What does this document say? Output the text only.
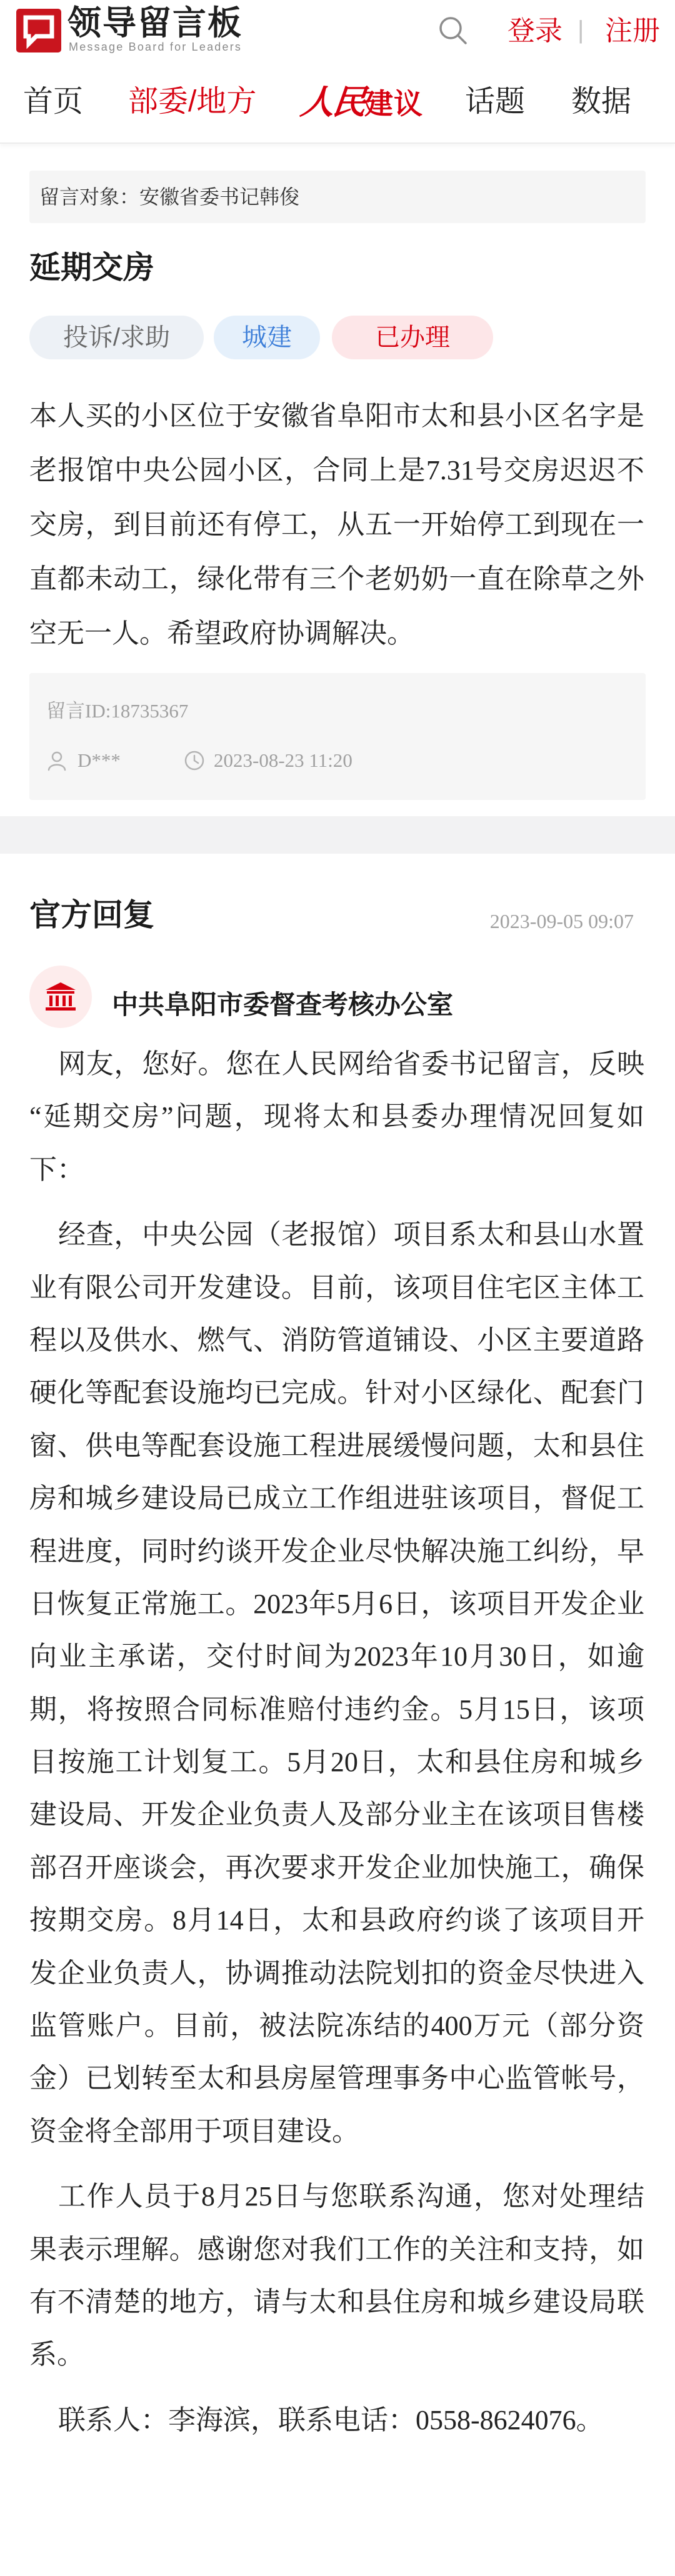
领导留言板
Message Board for Leaders
登录 | 注册
首页 部委/地方 人民建议 话题 数据
留言对象：安徽省委书记韩俊
延期交房
投诉/求助	城建	已办理
本人买的小区位于安徽省阜阳市太和县小区名字是
老报馆中央公园小区，合同上是7.31号交房迟迟不
交房，到目前还有停工，从五一开始停工到现在一
直都未动工，绿化带有三个老奶奶一直在除草之外
空无一人。希望政府协调解决。
留言ID:18735367
D***	2023-08-23 11:20
官方回复	2023-09-05 09:07
中共阜阳市委督查考核办公室
网友，您好。您在人民网给省委书记留言，反映
“延期交房”问题，现将太和县委办理情况回复如
下：
经查，中央公园（老报馆）项目系太和县山水置
业有限公司开发建设。目前，该项目住宅区主体工
程以及供水、燃气、消防管道铺设、小区主要道路
硬化等配套设施均已完成。针对小区绿化、配套门
窗、供电等配套设施工程进展缓慢问题，太和县住
房和城乡建设局已成立工作组进驻该项目，督促工
程进度，同时约谈开发企业尽快解决施工纠纷，早
日恢复正常施工。2023年5月6日，该项目开发企业
向业主承诺，交付时间为2023年10月30日，如逾
期，将按照合同标准赔付违约金。5月15日，该项
目按施工计划复工。5月20日，太和县住房和城乡
建设局、开发企业负责人及部分业主在该项目售楼
部召开座谈会，再次要求开发企业加快施工，确保
按期交房。8月14日，太和县政府约谈了该项目开
发企业负责人，协调推动法院划扣的资金尽快进入
监管账户。目前，被法院冻结的400万元（部分资
金）已划转至太和县房屋管理事务中心监管帐号，
资金将全部用于项目建设。
工作人员于8月25日与您联系沟通，您对处理结
果表示理解。感谢您对我们工作的关注和支持，如
有不清楚的地方，请与太和县住房和城乡建设局联
系。
联系人：李海滨，联系电话：0558-8624076。
